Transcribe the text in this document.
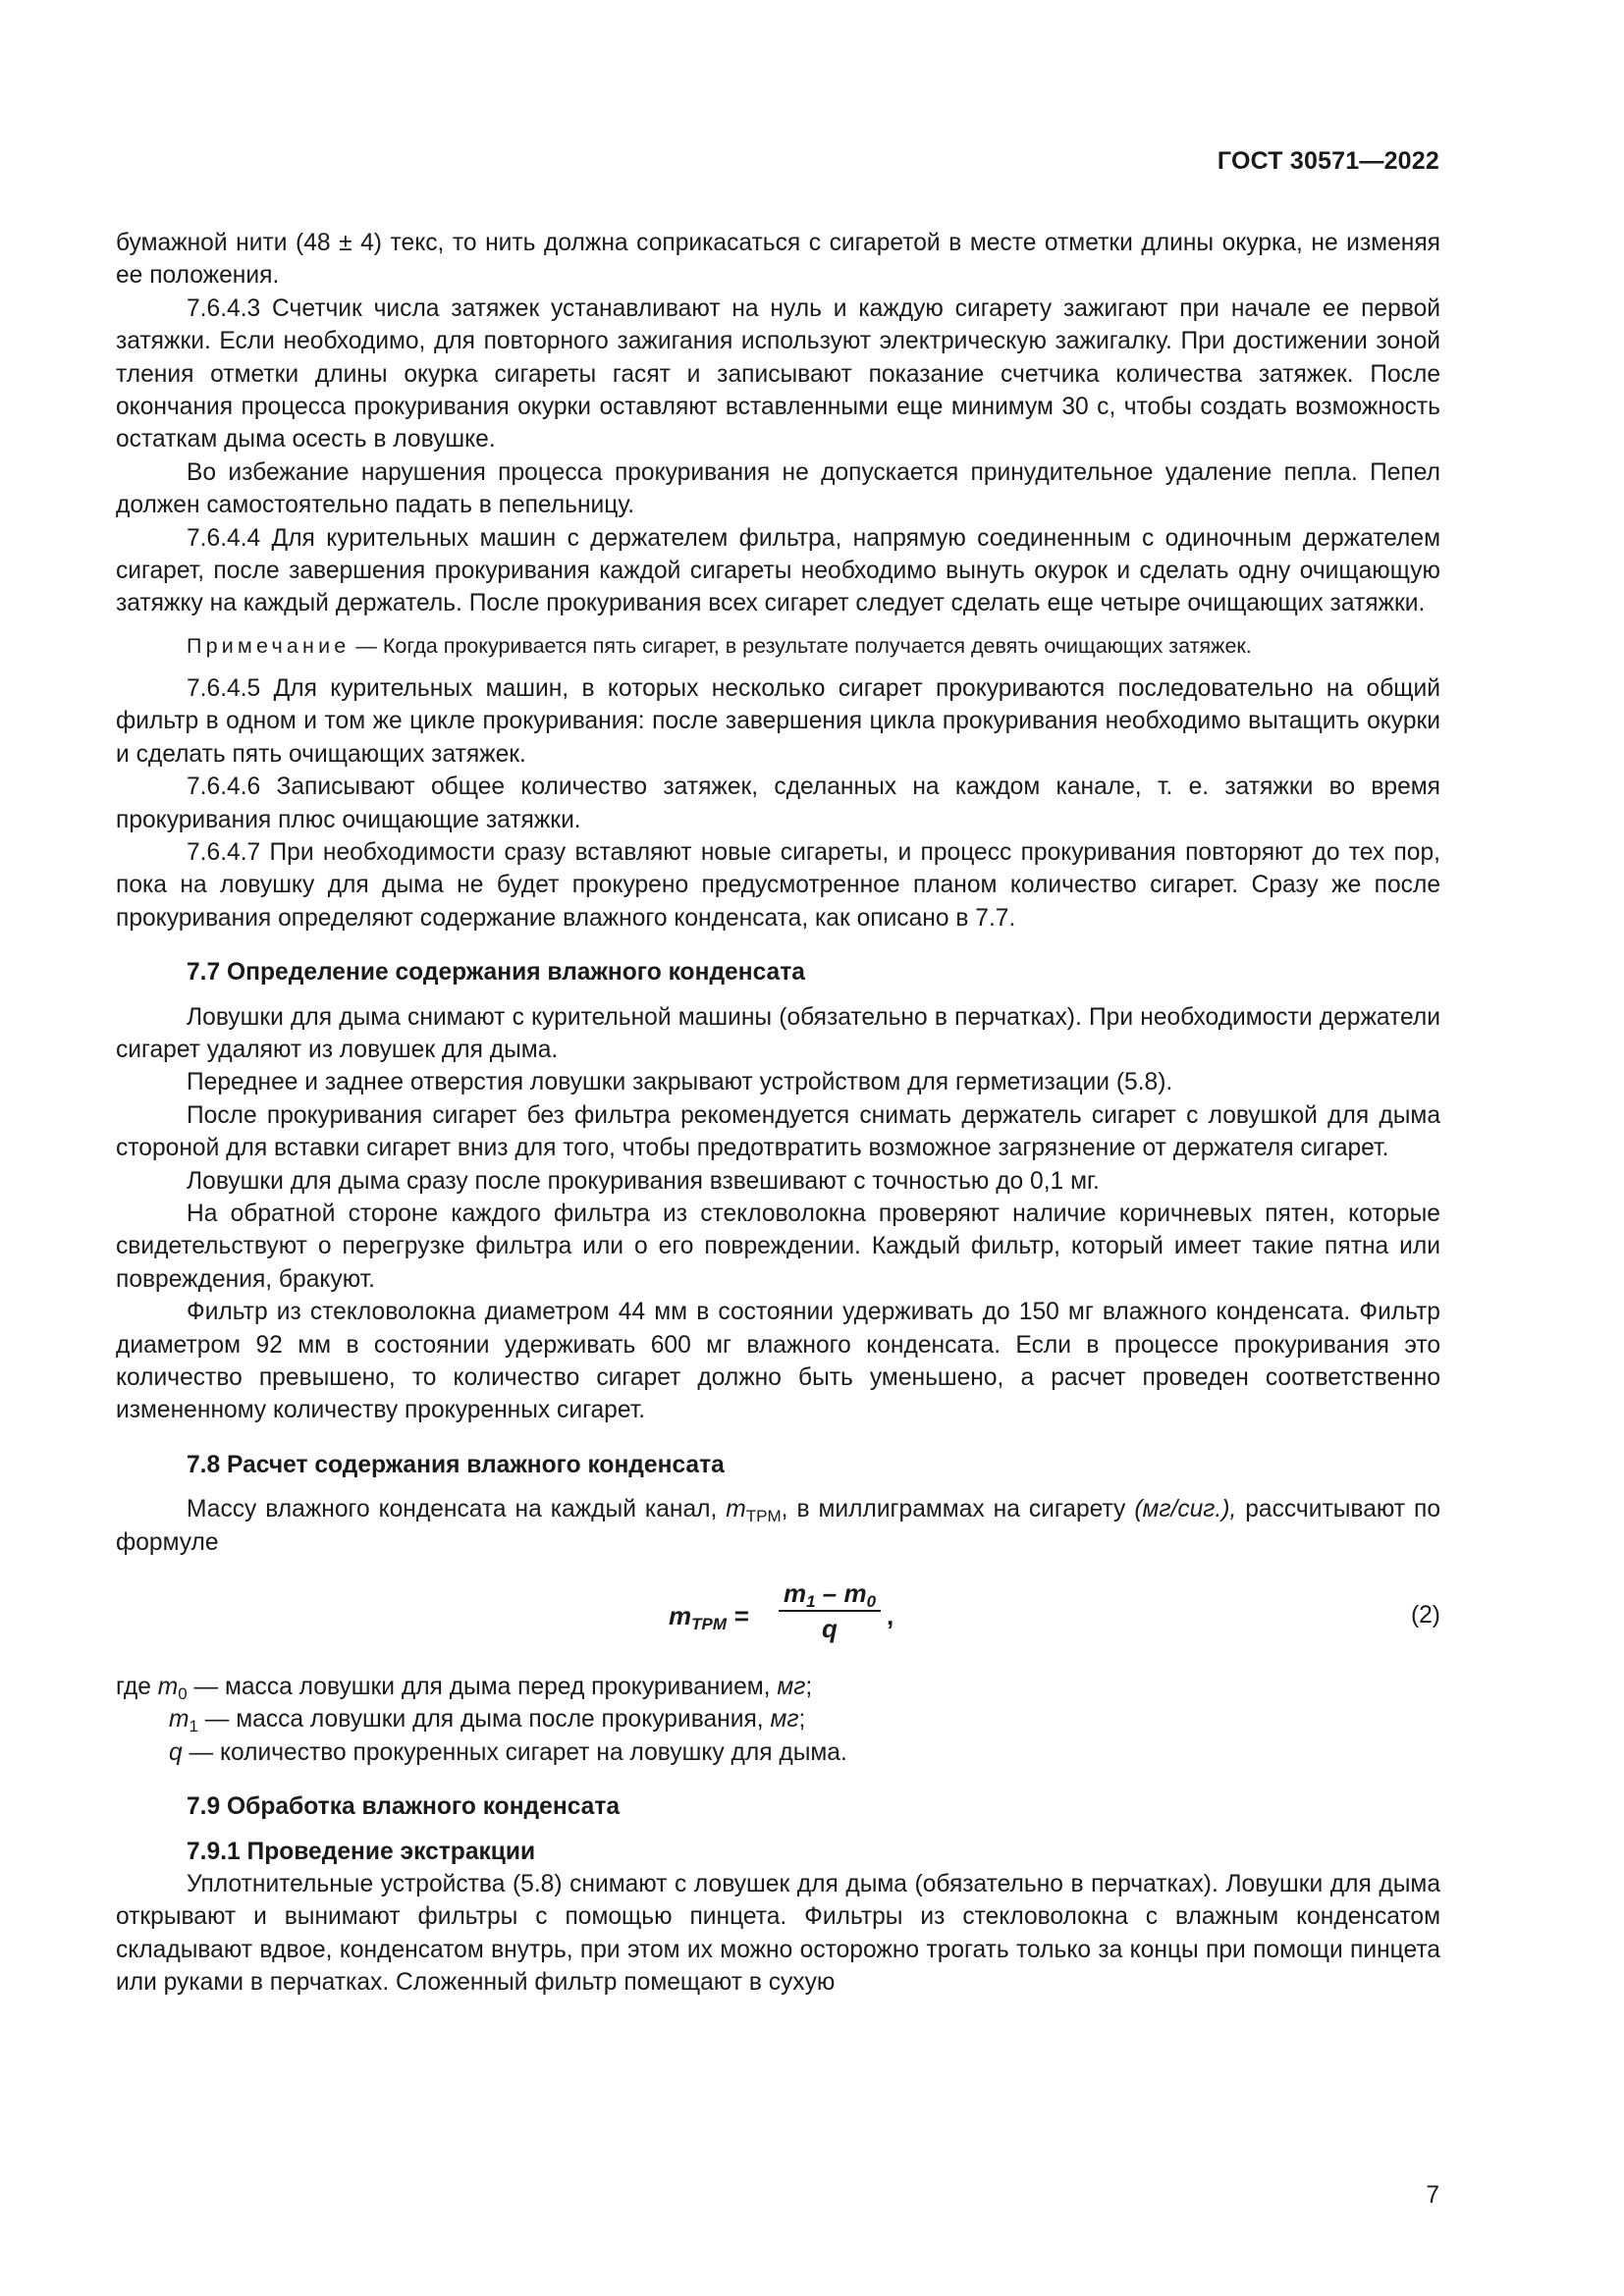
ГОСТ 30571—2022

бумажной нити (48 ± 4) текс, то нить должна соприкасаться с сигаретой в месте отметки длины окурка, не изменяя ее положения.

7.6.4.3 Счетчик числа затяжек устанавливают на нуль и каждую сигарету зажигают при начале ее первой затяжки. Если необходимо, для повторного зажигания используют электрическую зажигалку. При достижении зоной тления отметки длины окурка сигареты гасят и записывают показание счетчика количества затяжек. После окончания процесса прокуривания окурки оставляют вставленными еще минимум 30 с, чтобы создать возможность остаткам дыма осесть в ловушке.

Во избежание нарушения процесса прокуривания не допускается принудительное удаление пепла. Пепел должен самостоятельно падать в пепельницу.

7.6.4.4 Для курительных машин с держателем фильтра, напрямую соединенным с одиночным держателем сигарет, после завершения прокуривания каждой сигареты необходимо вынуть окурок и сделать одну очищающую затяжку на каждый держатель. После прокуривания всех сигарет следует сделать еще четыре очищающих затяжки.

Примечание — Когда прокуривается пять сигарет, в результате получается девять очищающих затяжек.

7.6.4.5 Для курительных машин, в которых несколько сигарет прокуриваются последовательно на общий фильтр в одном и том же цикле прокуривания: после завершения цикла прокуривания необходимо вытащить окурки и сделать пять очищающих затяжек.

7.6.4.6 Записывают общее количество затяжек, сделанных на каждом канале, т. е. затяжки во время прокуривания плюс очищающие затяжки.

7.6.4.7 При необходимости сразу вставляют новые сигареты, и процесс прокуривания повторяют до тех пор, пока на ловушку для дыма не будет прокурено предусмотренное планом количество сигарет. Сразу же после прокуривания определяют содержание влажного конденсата, как описано в 7.7.

7.7 Определение содержания влажного конденсата

Ловушки для дыма снимают с курительной машины (обязательно в перчатках). При необходимости держатели сигарет удаляют из ловушек для дыма.

Переднее и заднее отверстия ловушки закрывают устройством для герметизации (5.8).

После прокуривания сигарет без фильтра рекомендуется снимать держатель сигарет с ловушкой для дыма стороной для вставки сигарет вниз для того, чтобы предотвратить возможное загрязнение от держателя сигарет.

Ловушки для дыма сразу после прокуривания взвешивают с точностью до 0,1 мг.

На обратной стороне каждого фильтра из стекловолокна проверяют наличие коричневых пятен, которые свидетельствуют о перегрузке фильтра или о его повреждении. Каждый фильтр, который имеет такие пятна или повреждения, бракуют.

Фильтр из стекловолокна диаметром 44 мм в состоянии удерживать до 150 мг влажного конденсата. Фильтр диаметром 92 мм в состоянии удерживать 600 мг влажного конденсата. Если в процессе прокуривания это количество превышено, то количество сигарет должно быть уменьшено, а расчет проведен соответственно измененному количеству прокуренных сигарет.

7.8 Расчет содержания влажного конденсата

Массу влажного конденсата на каждый канал, $m_{TPM}$, в миллиграммах на сигарету (мг/сиг.), рассчитывают по формуле

$m_{TPM}$ =
$m_1 - m_0$
q	,	(2)

где $m_0$ — масса ловушки для дыма перед прокуриванием, мг;

$m_1$ — масса ловушки для дыма после прокуривания, мг;

q — количество прокуренных сигарет на ловушку для дыма.

7.9 Обработка влажного конденсата
7.9.1 Проведение экстракции

Уплотнительные устройства (5.8) снимают с ловушек для дыма (обязательно в перчатках). Ловушки для дыма открывают и вынимают фильтры с помощью пинцета. Фильтры из стекловолокна с влажным конденсатом складывают вдвое, конденсатом внутрь, при этом их можно осторожно трогать только за концы при помощи пинцета или руками в перчатках. Сложенный фильтр помещают в сухую

7
